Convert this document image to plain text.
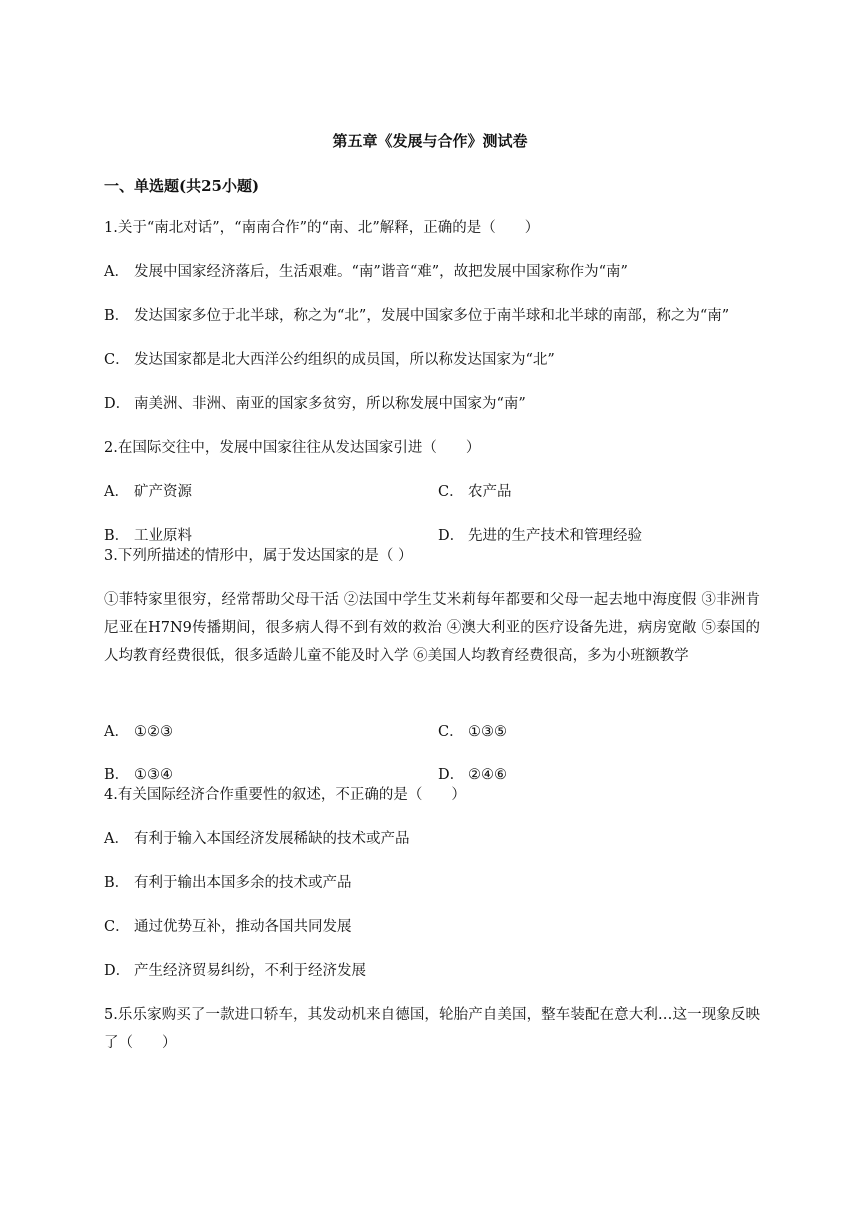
第五章《发展与合作》测试卷
一、单选题(共25小题)
1.关于“南北对话”，“南南合作”的“南、北”解释，正确的是（　　）
A． 发展中国家经济落后，生活艰难。“南”谐音“难”，故把发展中国家称作为“南”
B． 发达国家多位于北半球，称之为“北”，发展中国家多位于南半球和北半球的南部，称之为“南”
C． 发达国家都是北大西洋公约组织的成员国，所以称发达国家为“北”
D． 南美洲、非洲、南亚的国家多贫穷，所以称发展中国家为“南”
2.在国际交往中，发展中国家往往从发达国家引进（　　）
A． 矿产资源	C． 农产品
B． 工业原料	D． 先进的生产技术和管理经验
3.下列所描述的情形中，属于发达国家的是（ ）
①菲特家里很穷，经常帮助父母干活 ②法国中学生艾米莉每年都要和父母一起去地中海度假 ③非洲肯尼亚在H7N9传播期间，很多病人得不到有效的救治 ④澳大利亚的医疗设备先进，病房宽敞 ⑤泰国的人均教育经费很低，很多适龄儿童不能及时入学 ⑥美国人均教育经费很高，多为小班额教学
A． ①②③	C． ①③⑤
B． ①③④	D． ②④⑥
4.有关国际经济合作重要性的叙述，不正确的是（　　）
A． 有利于输入本国经济发展稀缺的技术或产品
B． 有利于输出本国多余的技术或产品
C． 通过优势互补，推动各国共同发展
D． 产生经济贸易纠纷，不利于经济发展
5.乐乐家购买了一款进口轿车，其发动机来自德国，轮胎产自美国，整车装配在意大利…这一现象反映了（　　）
